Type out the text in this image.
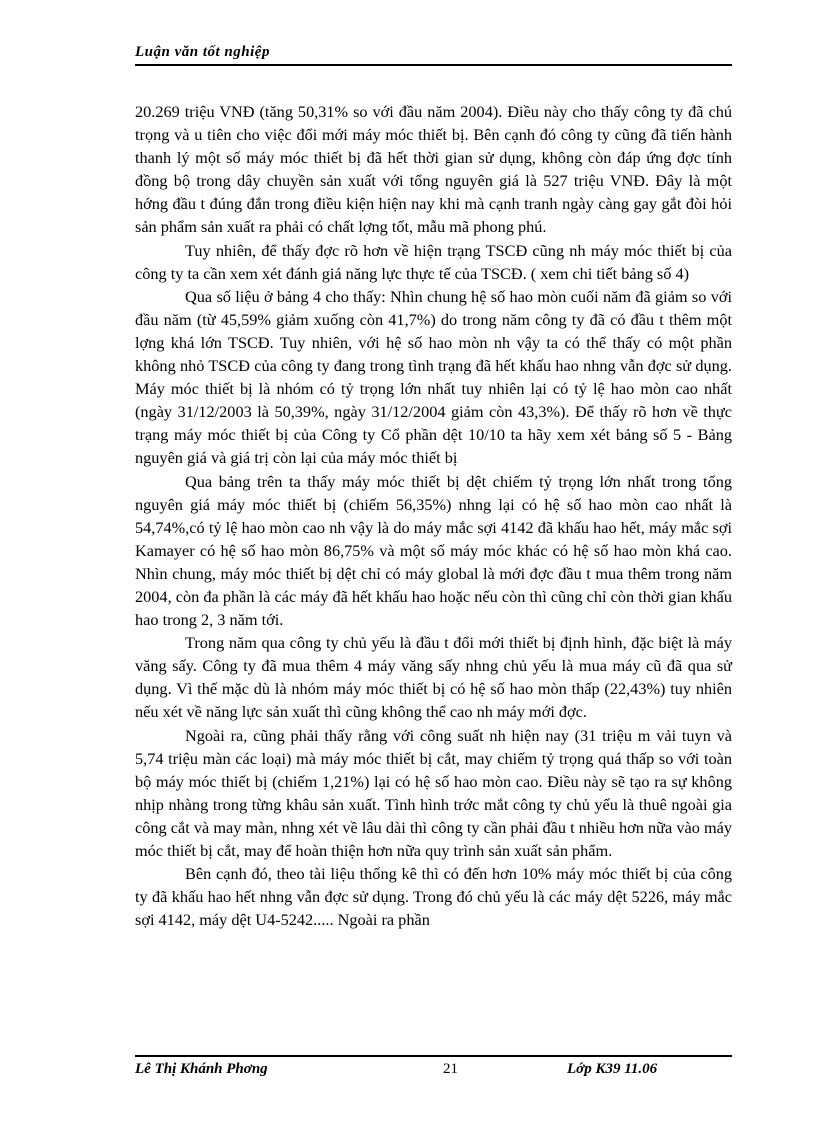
Luận văn tốt nghiệp

20.269 triệu VNĐ (tăng 50,31% so với đầu năm 2004). Điều này cho thấy công ty đã chú trọng và u tiên cho việc đổi mới máy móc thiết bị. Bên cạnh đó công ty cũng đã tiến hành thanh lý một số máy móc thiết bị đã hết thời gian sử dụng, không còn đáp ứng đợc tính đồng bộ trong dây chuyền sản xuất với tổng nguyên giá là 527 triệu VNĐ. Đây là một hớng đầu t đúng đắn trong điều kiện hiện nay khi mà cạnh tranh ngày càng gay gắt đòi hỏi sản phẩm sản xuất ra phải có chất lợng tốt, mẫu mã phong phú.

Tuy nhiên, để thấy đợc rõ hơn về hiện trạng TSCĐ cũng nh máy móc thiết bị của công ty ta cần xem xét đánh giá năng lực thực tế của TSCĐ. ( xem chi tiết bảng số 4)

Qua số liệu ở bảng 4 cho thấy: Nhìn chung hệ số hao mòn cuối năm đã giảm so với đầu năm (từ 45,59% giảm xuống còn 41,7%) do trong năm công ty đã có đầu t thêm một lợng khá lớn TSCĐ. Tuy nhiên, với hệ số hao mòn nh vậy ta có thể thấy có một phần không nhỏ TSCĐ của công ty đang trong tình trạng đã hết khấu hao nhng vẫn đợc sử dụng. Máy móc thiết bị là nhóm có tỷ trọng lớn nhất tuy nhiên lại có tỷ lệ hao mòn cao nhất (ngày 31/12/2003 là 50,39%, ngày 31/12/2004 giảm còn 43,3%). Để thấy rõ hơn về thực trạng máy móc thiết bị của Công ty Cổ phần dệt 10/10 ta hãy xem xét bảng số 5 - Bảng nguyên giá và giá trị còn lại của máy móc thiết bị

Qua bảng trên ta thấy máy móc thiết bị dệt chiếm tỷ trọng lớn nhất trong tổng nguyên giá máy móc thiết bị (chiếm 56,35%) nhng lại có hệ số hao mòn cao nhất là 54,74%,có tỷ lệ hao mòn cao nh vậy là do máy mắc sợi 4142 đã khấu hao hết, máy mắc sợi Kamayer có hệ số hao mòn 86,75% và một số máy móc khác có hệ số hao mòn khá cao. Nhìn chung, máy móc thiết bị dệt chỉ có máy global là mới đợc đầu t mua thêm trong năm 2004, còn đa phần là các máy đã hết khấu hao hoặc nếu còn thì cũng chỉ còn thời gian khấu hao trong 2, 3 năm tới.

Trong năm qua công ty chủ yếu là đầu t đổi mới thiết bị định hình, đặc biệt là máy văng sấy. Công ty đã mua thêm 4 máy văng sấy nhng chủ yếu là mua máy cũ đã qua sử dụng. Vì thế mặc dù là nhóm máy móc thiết bị có hệ số hao mòn thấp (22,43%) tuy nhiên nếu xét về năng lực sản xuất thì cũng không thể cao nh máy mới đợc.

Ngoài ra, cũng phải thấy rằng với công suất nh hiện nay (31 triệu m vải tuyn và 5,74 triệu màn các loại) mà máy móc thiết bị cắt, may chiếm tỷ trọng quá thấp so với toàn bộ máy móc thiết bị (chiếm 1,21%) lại có hệ số hao mòn cao. Điều này sẽ tạo ra sự không nhịp nhàng trong từng khâu sản xuất. Tình hình trớc mắt công ty chủ yếu là thuê ngoài gia công cắt và may màn, nhng xét về lâu dài thì công ty cần phải đầu t nhiều hơn nữa vào máy móc thiết bị cắt, may để hoàn thiện hơn nữa quy trình sản xuất sản phẩm.

Bên cạnh đó, theo tài liệu thống kê thì có đến hơn 10% máy móc thiết bị của công ty đã khấu hao hết nhng vẫn đợc sử dụng. Trong đó chủ yếu là các máy dệt 5226, máy mắc sợi 4142, máy dệt U4-5242..... Ngoài ra phần

Lê Thị Khánh Phơng	21	Lớp K39 11.06
